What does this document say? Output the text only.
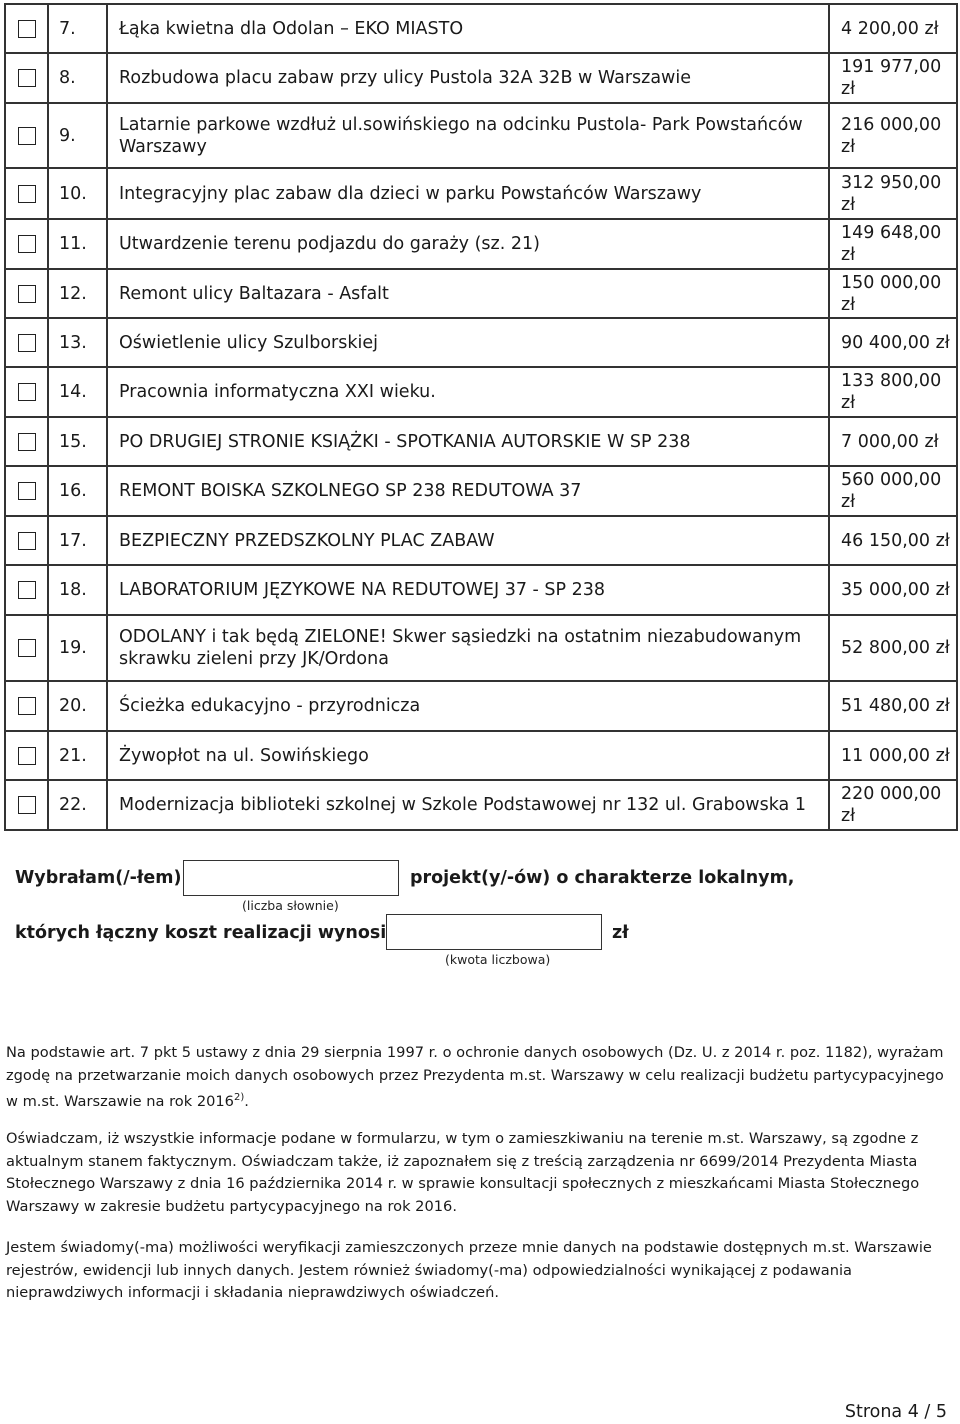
	7.	Łąka kwietna dla Odolan – EKO MIASTO	4 200,00 zł
	8.	Rozbudowa placu zabaw przy ulicy Pustola 32A 32B w Warszawie	191 977,00 zł
	9.	Latarnie parkowe wzdłuż ul.sowińskiego na odcinku Pustola- Park Powstańców Warszawy	216 000,00 zł
	10.	Integracyjny plac zabaw dla dzieci w parku Powstańców Warszawy	312 950,00 zł
	11.	Utwardzenie terenu podjazdu do garaży (sz. 21)	149 648,00 zł
	12.	Remont ulicy Baltazara - Asfalt	150 000,00 zł
	13.	Oświetlenie ulicy Szulborskiej	90 400,00 zł
	14.	Pracownia informatyczna XXI wieku.	133 800,00 zł
	15.	PO DRUGIEJ STRONIE KSIĄŻKI - SPOTKANIA AUTORSKIE W SP 238	7 000,00 zł
	16.	REMONT BOISKA SZKOLNEGO SP 238 REDUTOWA 37	560 000,00 zł
	17.	BEZPIECZNY PRZEDSZKOLNY PLAC ZABAW	46 150,00 zł
	18.	LABORATORIUM JĘZYKOWE NA REDUTOWEJ 37 - SP 238	35 000,00 zł
	19.	ODOLANY i tak będą ZIELONE! Skwer sąsiedzki na ostatnim niezabudowanym skrawku zieleni przy JK/Ordona	52 800,00 zł
	20.	Ścieżka edukacyjno - przyrodnicza	51 480,00 zł
	21.	Żywopłot na ul. Sowińskiego	11 000,00 zł
	22.	Modernizacja biblioteki szkolnej w Szkole Podstawowej nr 132 ul. Grabowska 1	220 000,00 zł
Wybrałam(/-łem)
(liczba słownie)
projekt(y/-ów) o charakterze lokalnym,
których łączny koszt realizacji wynosi	zł
(kwota liczbowa)

Na podstawie art. 7 pkt 5 ustawy z dnia 29 sierpnia 1997 r. o ochronie danych osobowych (Dz. U. z 2014 r. poz. 1182), wyrażam zgodę na przetwarzanie moich danych osobowych przez Prezydenta m.st. Warszawy w celu realizacji budżetu partycypacyjnego w m.st. Warszawie na rok 2016$^{2)}$.

Oświadczam, iż wszystkie informacje podane w formularzu, w tym o zamieszkiwaniu na terenie m.st. Warszawy, są zgodne z aktualnym stanem faktycznym. Oświadczam także, iż zapoznałem się z treścią zarządzenia nr 6699/2014 Prezydenta Miasta Stołecznego Warszawy z dnia 16 października 2014 r. w sprawie konsultacji społecznych z mieszkańcami Miasta Stołecznego Warszawy w zakresie budżetu partycypacyjnego na rok 2016.

Jestem świadomy(-ma) możliwości weryfikacji zamieszczonych przeze mnie danych na podstawie dostępnych m.st. Warszawie rejestrów, ewidencji lub innych danych. Jestem również świadomy(-ma) odpowiedzialności wynikającej z podawania nieprawdziwych informacji i składania nieprawdziwych oświadczeń.

Strona 4 / 5
